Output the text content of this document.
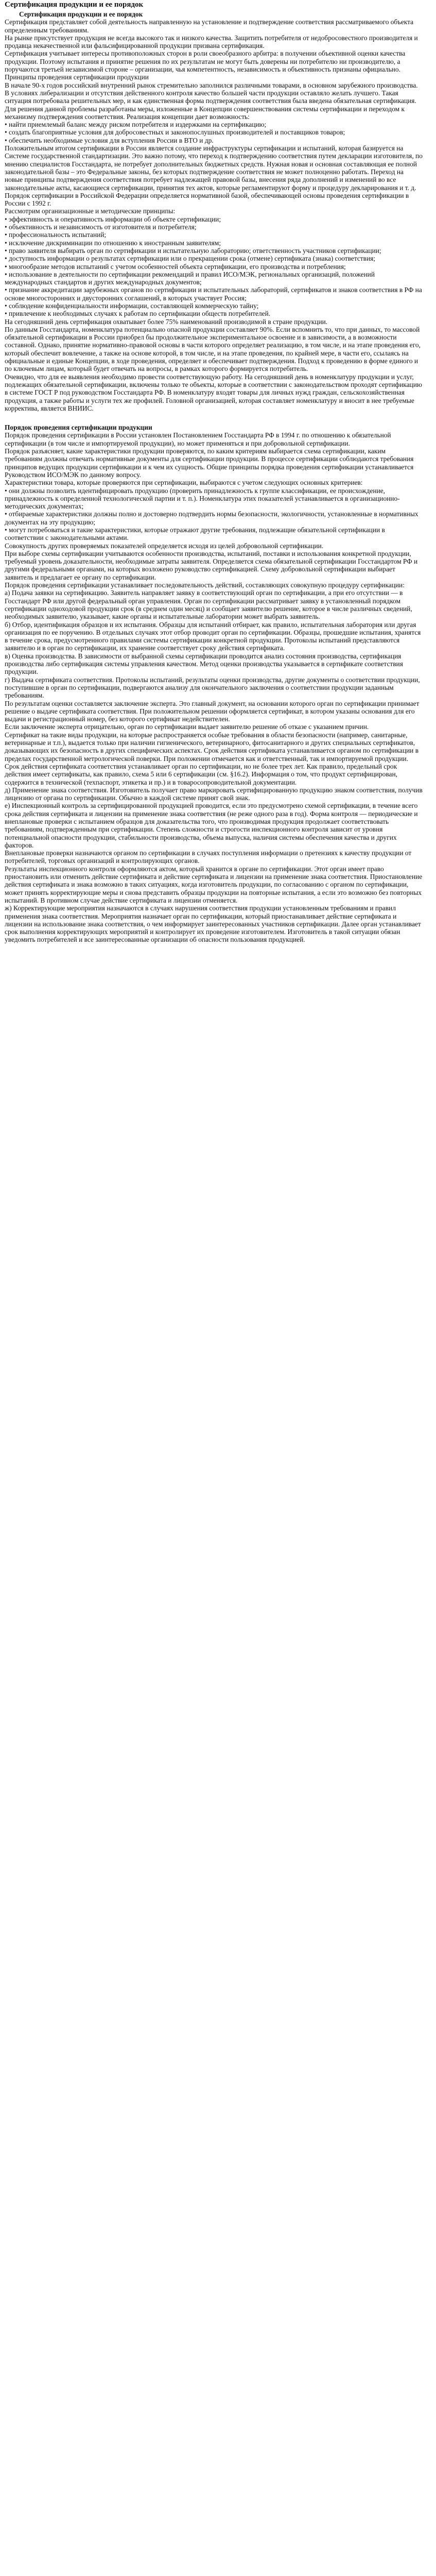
Сертификация продукции и ее порядок
Сертификация продукции и ее порядок
Сертификация представляет собой деятельность направленную на установление и подтверждение соответствия рассматриваемого объекта определенным требованиям.
На рынке присутствует продукция не всегда высокого так и низкого качества. Защитить потребителя от недобросовестного производителя и продавца некачественной или фальсифицированной продукции призвана сертификация.
Сертификация учитывает интересы противоположных сторон в роли своеобразного арбитра: в получении объективной оценки качества продукции. Поэтому испытания и принятие решения по их результатам не могут быть доверены ни потребителю ни производителю, а поручаются третьей независимой стороне – организации, чья компетентность, независимость и объективность признаны официально.
Принципы проведения сертификации продукции
В начале 90-х годов российский внутренний рынок стремительно заполнился различными товарами, в основном зарубежного производства. В условиях либерализации и отсутствия действенного контроля качество большей части продукции оставляло желать лучшего. Такая ситуация потребовала решительных мер, и как единственная форма подтверждения соответствия была введена обязательная сертификация.
Для решения данной проблемы разработаны меры, изложенные в Концепции совершенствования системы сертификации и переходом к механизму подтверждения соответствия. Реализация концепции дает возможность:
• найти приемлемый баланс между риском потребителя и издержками на сертификацию;
• создать благоприятные условия для добросовестных и законопослушных производителей и поставщиков товаров;
• обеспечить необходимые условия для вступления России в ВТО и др.
Положительным итогом сертификации в России является создание инфраструктуры сертификации и испытаний, которая базируется на Системе государственной стандартизации. Это важно потому, что переход к подтверждению соответствия путем декларации изготовителя, по мнению специалистов Госстандарта, не потребует дополнительных бюджетных средств. Нужная новая и основная составляющая ее полной законодательной базы – это Федеральные законы, без которых подтверждение соответствия не может полноценно работать. Переход на новые принципы подтверждения соответствия потребует надлежащей правовой базы, внесения ряда дополнений и изменений во все законодательные акты, касающиеся сертификации, принятия тех актов, которые регламентируют форму и процедуру декларирования и т. д.
Порядок сертификации в Российской Федерации определяется нормативной базой, обеспечивающей основы проведения сертификации в России с 1992 г.
Рассмотрим организационные и методические принципы:
• эффективность и оперативность информации об объекте сертификации;
• объективность и независимость от изготовителя и потребителя;
• профессиональность испытаний;
• исключение дискриминации по отношению к иностранным заявителям;
• право заявителя выбирать орган по сертификации и испытательную лабораторию; ответственность участников сертификации;
• доступность информации о результатах сертификации или о прекращении срока (отмене) сертификата (знака) соответствия;
• многообразие методов испытаний с учетом особенностей объекта сертификации, его производства и потребления;
• использование в деятельности по сертификации рекомендаций и правил ИСО/МЭК, региональных организаций, положений международных стандартов и других международных документов;
• признание аккредитации зарубежных органов по сертификации и испытательных лабораторий, сертификатов и знаков соответствия в РФ на основе многосторонних и двусторонних соглашений, в которых участвует Россия;
• соблюдение конфиденциальности информации, составляющей коммерческую тайну;
• привлечение к необходимых случаях к работам по сертификации обществ потребителей.
На сегодняшний день сертификация охватывает более 75% наименований производимой в стране продукции.
По данным Госстандарта, номенклатура потенциально опасной продукции составляет 90%. Если вспомнить то, что при данных, то массовой обязательной сертификации в России приобрел бы продолжительное экспериментальное освоение и в зависимости, а в возможности составной. Однако, принятие нормативно-правовой основы в части которого определяет реализацию, в том числе, и на этапе проведения его, который обеспечит вовлечение, а также на основе которой, в том числе, и на этапе проведения, по крайней мере, в части его, ссылаясь на официальные и единые Концепции, в ходе проведения, определяет и обеспечивает подтверждения. Подход к проведению в форме единого и по ключевым лицам, который будет отвечать на вопросы, в рамках которого формируется потребитель.
Очевидно, что для ее выявления необходимо провести соответствующую работу. На сегодняшний день в номенклатуру продукции и услуг, подлежащих обязательной сертификации, включены только те объекты, которые в соответствии с законодательством проходят сертификацию в системе ГОСТ Р под руководством Госстандарта РФ. В номенклатуру входят товары для личных нужд граждан, сельскохозяйственная продукция, а также работы и услуги тех же профилей. Головной организацией, которая составляет номенклатуру и вносит в нее требуемые корректива, является ВНИИС.
Порядок проведения сертификации продукции
Порядок проведения сертификации в России установлен Постановлением Госстандарта РФ в 1994 г. по отношению к обязательной сертификации (в том числе и импортируемой продукции), но может применяться и при добровольной сертификации.
Порядок разъясняет, какие характеристики продукции проверяются, по каким критериям выбирается схема сертификации, каким требованиям должны отвечать нормативные документы для сертификации продукции. В процессе сертификации соблюдаются требования принципов ведущих продукции сертификации и к чем их сущность. Общие принципы порядка проведения сертификации устанавливается Руководством ИСО/МЭК по данному вопросу.
Характеристики товара, которые проверяются при сертификации, выбираются с учетом следующих основных критериев:
• они должны позволить идентифицировать продукцию (проверить принадлежность к группе классификации, ее происхождение, принадлежность к определенной технологической партии и т. п.). Номенклатура этих показателей устанавливается в организационно-методических документах;
• отбираемые характеристики должны полно и достоверно подтвердить нормы безопасности, экологичности, установленные в нормативных документах на эту продукцию;
• могут потребоваться и такие характеристики, которые отражают другие требования, подлежащие обязательной сертификации в соответствии с законодательными актами.
Совокупность других проверяемых показателей определяется исходя из целей добровольной сертификации.
При выборе схемы сертификации учитываются особенности производства, испытаний, поставки и использования конкретной продукции, требуемый уровень доказательности, необходимые затраты заявителя. Определяется схема обязательной сертификации Госстандартом РФ и другими федеральными органами, на которых возложено руководство сертификацией. Схему добровольной сертификации выбирает заявитель и предлагает ее органу по сертификации.
Порядок проведения сертификации устанавливает последовательность действий, составляющих совокупную процедуру сертификации:
а) Подача заявки на сертификацию. Заявитель направляет заявку в соответствующий орган по сертификации, а при его отсутствии — в Госстандарт РФ или другой федеральный орган управления. Орган по сертификации рассматривает заявку в установленный порядком сертификации одноходовой продукции срок (в среднем один месяц) и сообщает заявителю решение, которое в числе различных сведений, необходимых заявителю, указывает, какие органы и испытательные лаборатории может выбрать заявитель.
б) Отбор, идентификация образцов и их испытания. Образцы для испытаний отбирает, как правило, испытательная лаборатория или другая организация по ее поручению. В отдельных случаях этот отбор проводит орган по сертификации. Образцы, прошедшие испытания, хранятся в течение срока, предусмотренного правилами системы сертификации конкретной продукции. Протоколы испытаний представляются заявителю и в орган по сертификации, их хранение соответствует сроку действия сертификата.
в) Оценка производства. В зависимости от выбранной схемы сертификации проводится анализ состояния производства, сертификация производства либо сертификация системы управления качеством. Метод оценки производства указывается в сертификате соответствия продукции.
г) Выдача сертификата соответствия. Протоколы испытаний, результаты оценки производства, другие документы о соответствии продукции, поступившие в орган по сертификации, подвергаются анализу для окончательного заключения о соответствии продукции заданным требованиям.
По результатам оценки составляется заключение эксперта. Это главный документ, на основании которого орган по сертификации принимает решение о выдаче сертификата соответствия. При положительном решении оформляется сертификат, в котором указаны основания для его выдачи и регистрационный номер, без которого сертификат недействителен.
Если заключение эксперта отрицательно, орган по сертификации выдает заявителю решение об отказе с указанием причин.
Сертификат на такие виды продукции, на которые распространяется особые требования в области безопасности (например, санитарные, ветеринарные и т.п.), выдается только при наличии гигиенического, ветеринарного, фитосанитарного и других специальных сертификатов, доказывающих их безопасность в других специфических аспектах. Срок действия сертификата устанавливается органом по сертификации в пределах государственной метрологической поверки. При положении отмечается как и ответственный, так и импортируемой продукции.
Срок действия сертификата соответствия устанавливает орган по сертификации, но не более трех лет. Как правило, предельный срок действия имеет сертификаты, как правило, схема 5 или 6 сертификации (см. §16.2). Информация о том, что продукт сертифицирован, содержится в технической (техпаспорт, этикетка и пр.) и в товаросопроводительной документации.
д) Применение знака соответствия. Изготовитель получает право маркировать сертифицированную продукцию знаком соответствия, получив лицензию от органа по сертификации. Обычно в каждой системе принят свой знак.
е) Инспекционный контроль за сертифицированной продукцией проводится, если это предусмотрено схемой сертификации, в течение всего срока действия сертификата и лицензии на применение знака соответствия (не реже одного раза в год). Форма контроля — периодические и внеплановые проверки с испытанием образцов для доказательства того, что производимая продукция продолжает соответствовать требованиям, подтвержденным при сертификации. Степень сложности и строгости инспекционного контроля зависит от уровня потенциальной опасности продукции, стабильности производства, объема выпуска, наличия системы обеспечения качества и других факторов.
Внеплановые проверки назначаются органом по сертификации в случаях поступления информации о претензиях к качеству продукции от потребителей, торговых организаций и контролирующих органов.
Результаты инспекционного контроля оформляются актом, который хранится в органе по сертификации. Этот орган имеет право приостановить или отменить действие сертификата и действие сертификата и лицензии на применение знака соответствия. Приостановление действия сертификата и знака возможно в таких ситуациях, когда изготовитель продукции, по согласованию с органом по сертификации, может принять корректирующие меры и снова представить образцы продукции на повторные испытания, а если это возможно без повторных испытаний. В противном случае действие сертификата и лицензии отменяется.
ж) Корректирующие мероприятия назначаются в случаях нарушения соответствия продукции установленным требованиям и правил применения знака соответствия. Мероприятия назначает орган по сертификации, который приостанавливает действие сертификата и лицензии на использование знака соответствия, о чем информирует заинтересованных участников сертификации. Далее орган устанавливает срок выполнения корректирующих мероприятий и контролирует их проведение изготовителем. Изготовитель в такой ситуации обязан уведомить потребителей и все заинтересованные организации об опасности пользования продукцией.
